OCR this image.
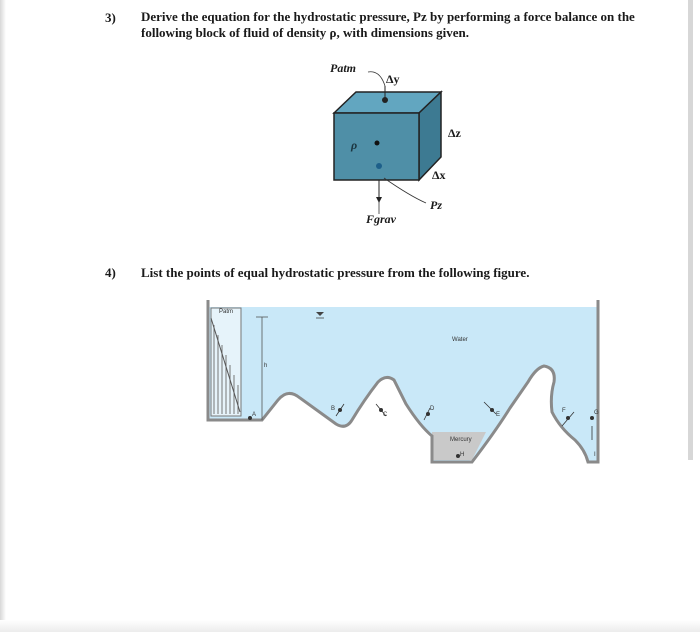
3) Derive the equation for the hydrostatic pressure, Pz by performing a force balance on the
following block of fluid of density ρ, with dimensions given.
Patm
Δy
Δz
Δx
ρ
Pz
Fgrav
4) List the points of equal hydrostatic pressure from the following figure.
Patm
Water
Mercury
h
A
B
C
D
E
F	G
H	I
